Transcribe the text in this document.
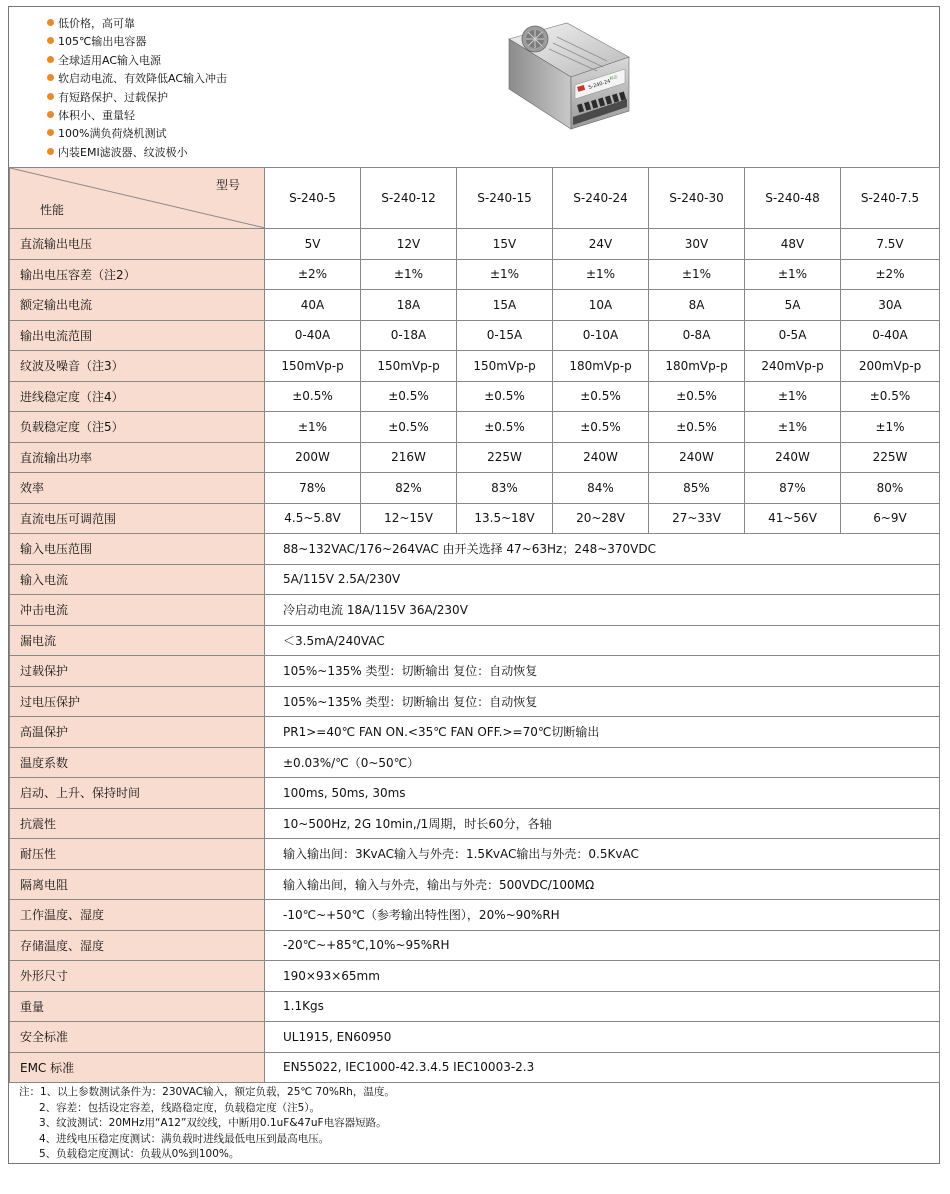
低价格，高可靠
105℃输出电容器
全球适用AC输入电源
软启动电流、有效降低AC输入冲击
有短路保护、过载保护
体积小、重量轻
100%满负荷烧机测试
内装EMI滤波器、纹波极小
S-240-24
标志
型号
性能	S-240-5	S-240-12	S-240-15	S-240-24	S-240-30	S-240-48	S-240-7.5
直流输出电压	5V	12V	15V	24V	30V	48V	7.5V
输出电压容差（注2）	±2%	±1%	±1%	±1%	±1%	±1%	±2%
额定输出电流	40A	18A	15A	10A	8A	5A	30A
输出电流范围	0-40A	0-18A	0-15A	0-10A	0-8A	0-5A	0-40A
纹波及噪音（注3）	150mVp-p	150mVp-p	150mVp-p	180mVp-p	180mVp-p	240mVp-p	200mVp-p
进线稳定度（注4）	±0.5%	±0.5%	±0.5%	±0.5%	±0.5%	±1%	±0.5%
负载稳定度（注5）	±1%	±0.5%	±0.5%	±0.5%	±0.5%	±1%	±1%
直流输出功率	200W	216W	225W	240W	240W	240W	225W
效率	78%	82%	83%	84%	85%	87%	80%
直流电压可调范围	4.5~5.8V	12~15V	13.5~18V	20~28V	27~33V	41~56V	6~9V
输入电压范围	88~132VAC/176~264VAC 由开关选择 47~63Hz；248~370VDC						
输入电流	5A/115V 2.5A/230V						
冲击电流	冷启动电流 18A/115V 36A/230V						
漏电流	＜3.5mA/240VAC						
过载保护	105%~135% 类型：切断输出 复位：自动恢复						
过电压保护	105%~135% 类型：切断输出 复位：自动恢复						
高温保护	PR1>=40℃ FAN ON.<35℃ FAN OFF.>=70℃切断输出						
温度系数	±0.03%/℃（0~50℃）						
启动、上升、保持时间	100ms, 50ms, 30ms						
抗震性	10~500Hz, 2G 10min,/1周期，时长60分，各轴						
耐压性	输入输出间：3KvAC输入与外壳：1.5KvAC输出与外壳：0.5KvAC						
隔离电阻	输入输出间，输入与外壳，输出与外壳：500VDC/100MΩ						
工作温度、湿度	-10℃~+50℃（参考输出特性图），20%~90%RH						
存储温度、湿度	-20℃~+85℃,10%~95%RH						
外形尺寸	190×93×65mm						
重量	1.1Kgs						
安全标准	UL1915, EN60950						
EMC 标准	EN55022, IEC1000-42.3.4.5 IEC10003-2.3						
注：1、以上参数测试条件为：230VAC输入，额定负载，25℃ 70%Rh，温度。
2、容差：包括设定容差，线路稳定度，负载稳定度（注5）。
3、纹波测试：20MHz用“A12”双绞线，中断用0.1uF&47uF电容器短路。
4、进线电压稳定度测试：满负载时进线最低电压到最高电压。
5、负载稳定度测试：负载从0%到100%。
